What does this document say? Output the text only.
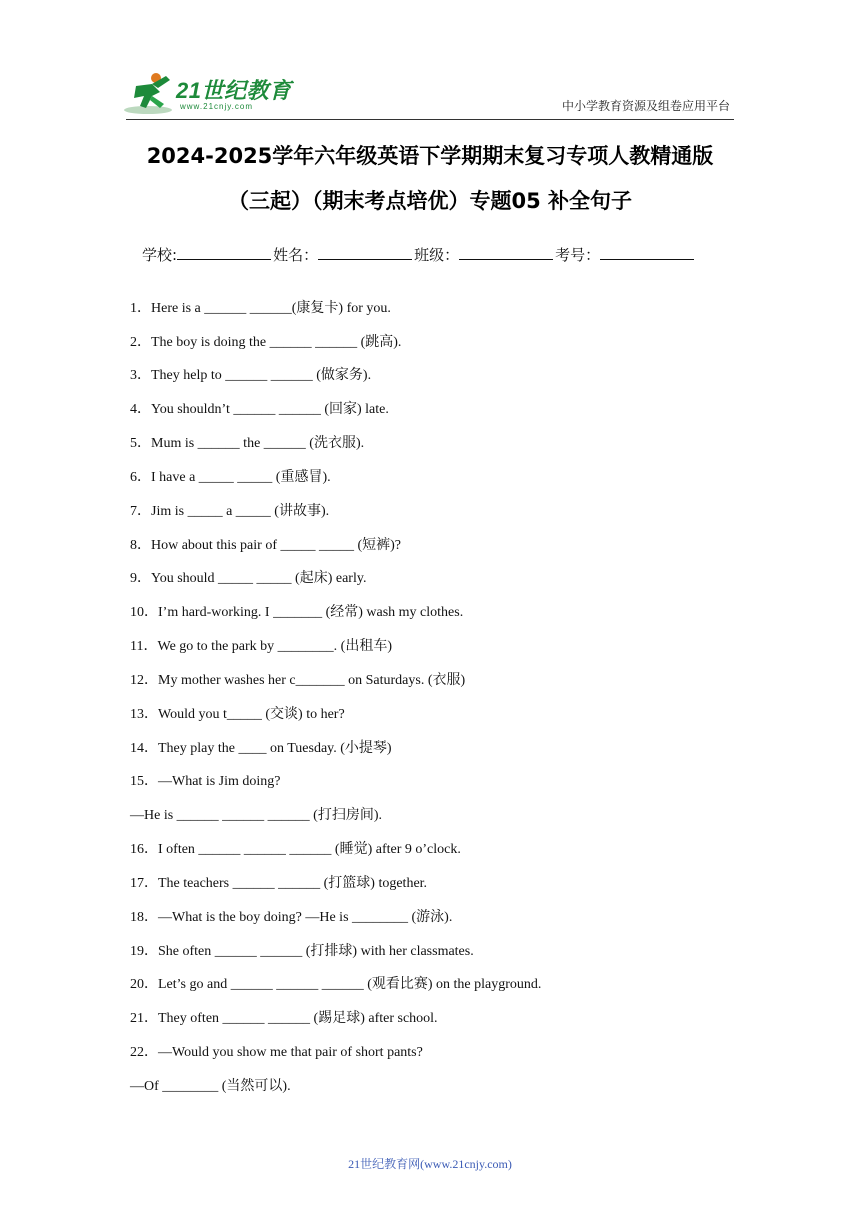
21世纪教育
www.21cnjy.com	中小学教育资源及组卷应用平台
2024-2025学年六年级英语下学期期末复习专项人教精通版
（三起）（期末考点培优）专题05 补全句子
学校:	姓名：	班级：	考号：
1．Here is a ______ ______(康复卡) for you.
2．The boy is doing the ______ ______ (跳高).
3．They help to ______ ______ (做家务).
4．You shouldn’t ______ ______ (回家) late.
5．Mum is ______ the ______ (洗衣服).
6．I have a _____ _____ (重感冒).
7．Jim is _____ a _____ (讲故事).
8．How about this pair of _____ _____ (短裤)?
9．You should _____ _____ (起床) early.
10．I’m hard-working. I _______ (经常) wash my clothes.
11．We go to the park by ________. (出租车)
12．My mother washes her c_______ on Saturdays. (衣服)
13．Would you t_____ (交谈) to her?
14．They play the ____ on Tuesday. (小提琴)
15．—What is Jim doing?
—He is ______ ______ ______ (打扫房间).
16．I often ______ ______ ______ (睡觉) after 9 o’clock.
17．The teachers ______ ______ (打篮球) together.
18．—What is the boy doing? —He is ________ (游泳).
19．She often ______ ______ (打排球) with her classmates.
20．Let’s go and ______ ______ ______ (观看比赛) on the playground.
21．They often ______ ______ (踢足球) after school.
22．—Would you show me that pair of short pants?
—Of ________ (当然可以).
21世纪教育网(www.21cnjy.com)
